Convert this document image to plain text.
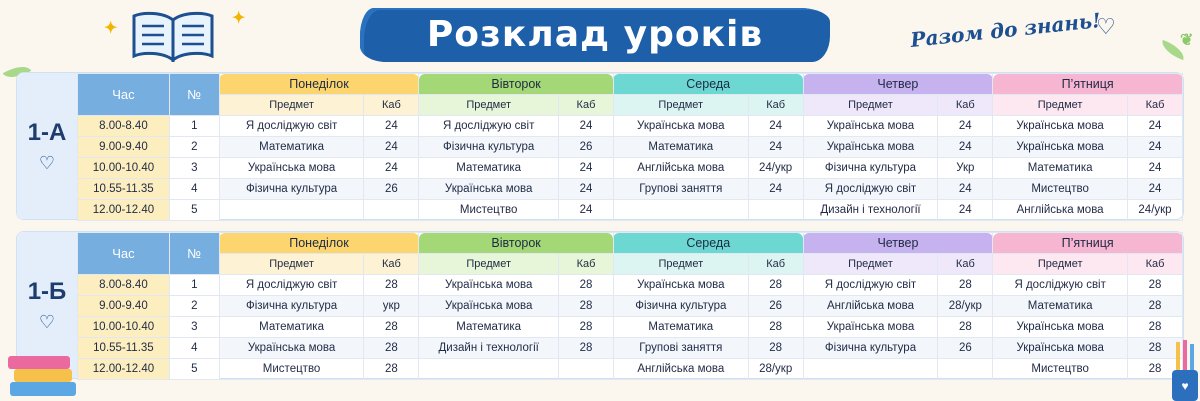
✦
✦
❦
Розклад уроків	Разом до знань!
♡
1-А
♡
Час	№	Понеділок		Вівторок		Середа		Четвер		П’ятниця	
		Предмет	Каб	Предмет	Каб	Предмет	Каб	Предмет	Каб	Предмет	Каб
8.00-8.40	1	Я досліджую світ	24	Я досліджую світ	24	Українська мова	24	Українська мова	24	Українська мова	24
9.00-9.40	2	Математика	24	Фізична культура	26	Математика	24	Українська мова	24	Українська мова	24
10.00-10.40	3	Українська мова	24	Математика	24	Англійська мова	24/укр	Фізична культура	Укр	Математика	24
10.55-11.35	4	Фізична культура	26	Українська мова	24	Групові заняття	24	Я досліджую світ	24	Мистецтво	24
12.00-12.40	5			Мистецтво	24			Дизайн і технології	24	Англійська мова	24/укр
1-Б
♡
Час	№	Понеділок		Вівторок		Середа		Четвер		П’ятниця	
		Предмет	Каб	Предмет	Каб	Предмет	Каб	Предмет	Каб	Предмет	Каб
8.00-8.40	1	Я досліджую світ	28	Українська мова	28	Українська мова	28	Я досліджую світ	28	Я досліджую світ	28
9.00-9.40	2	Фізична культура	укр	Українська мова	28	Фізична культура	26	Англійська мова	28/укр	Математика	28
10.00-10.40	3	Математика	28	Математика	28	Математика	28	Українська мова	28	Українська мова	28
10.55-11.35	4	Українська мова	28	Дизайн і технології	28	Групові заняття	28	Фізична культура	26	Українська мова	28
12.00-12.40	5	Мистецтво	28			Англійська мова	28/укр			Мистецтво	28
♥
